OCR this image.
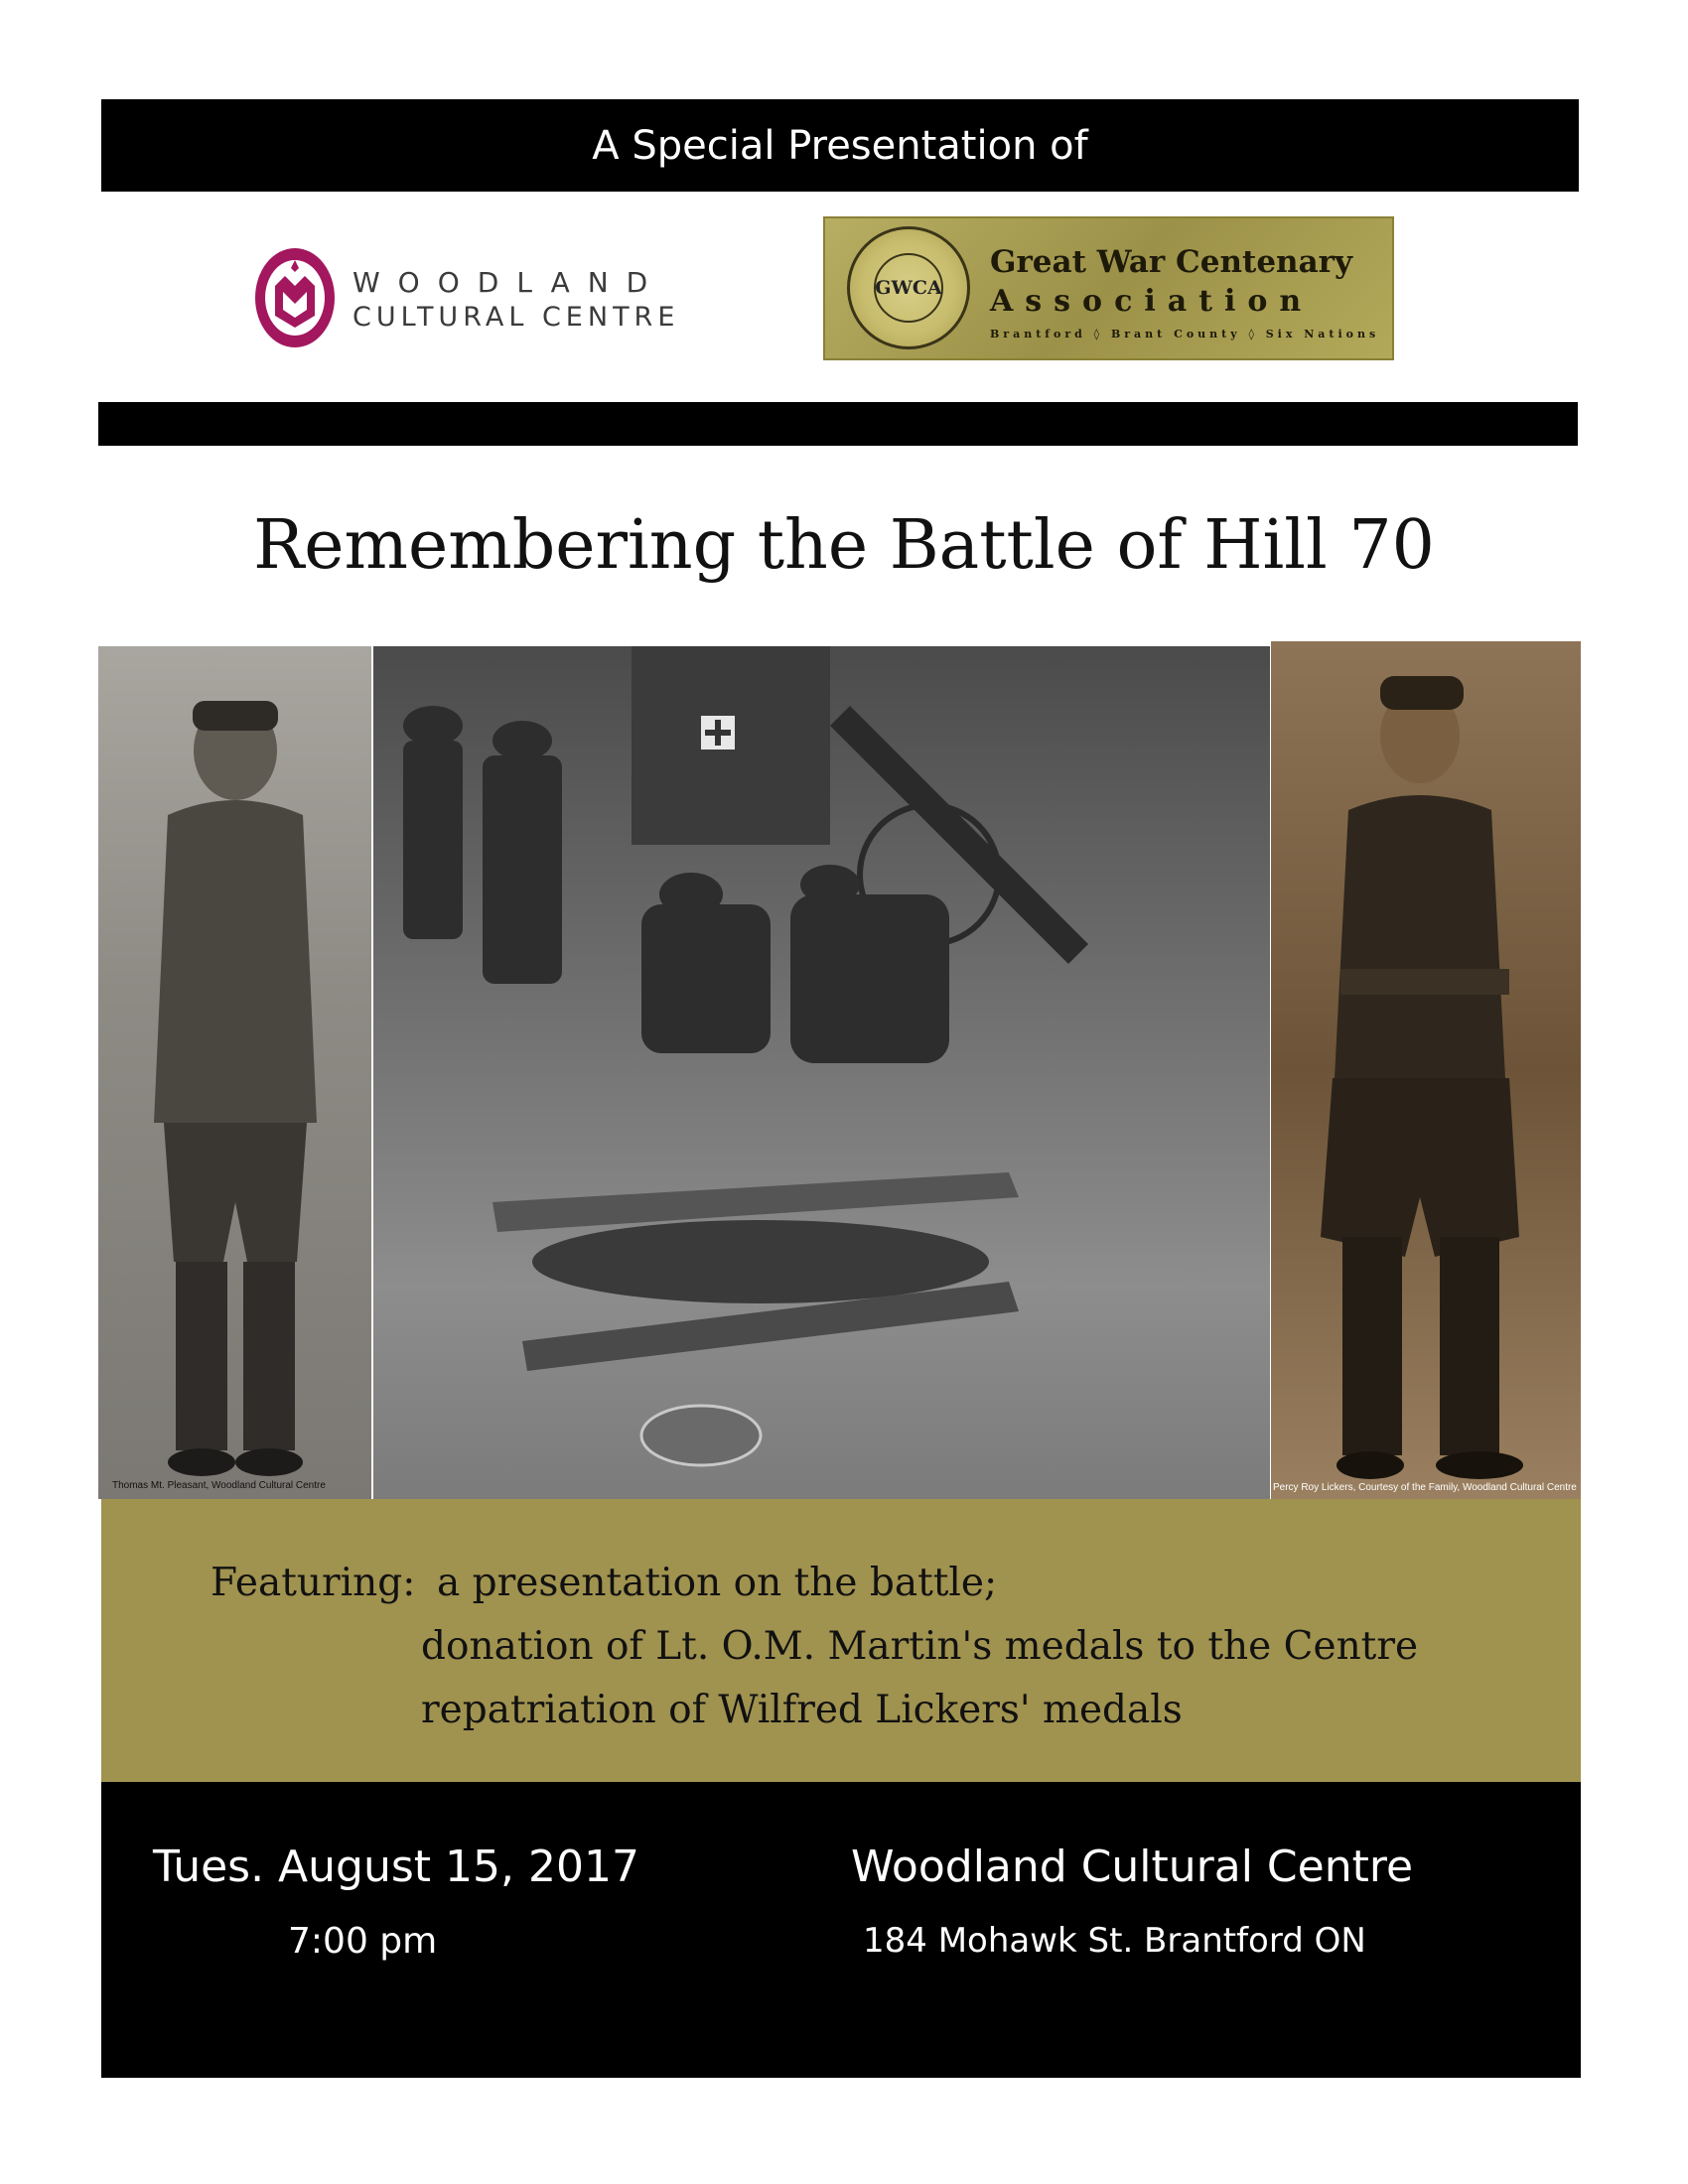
A Special Presentation of
WOODLAND
CULTURAL CENTRE
GWCA
Great War Centenary
Association
Brantford ◊ Brant County ◊ Six Nations
Remembering the Battle of Hill 70
Thomas Mt. Pleasant, Woodland Cultural Centre	Percy Roy Lickers, Courtesy of the Family, Woodland Cultural Centre
Featuring: a presentation on the battle;
donation of Lt. O.M. Martin's medals to the Centre
repatriation of Wilfred Lickers' medals
Tues. August 15, 2017
7:00 pm
Woodland Cultural Centre
184 Mohawk St. Brantford ON
